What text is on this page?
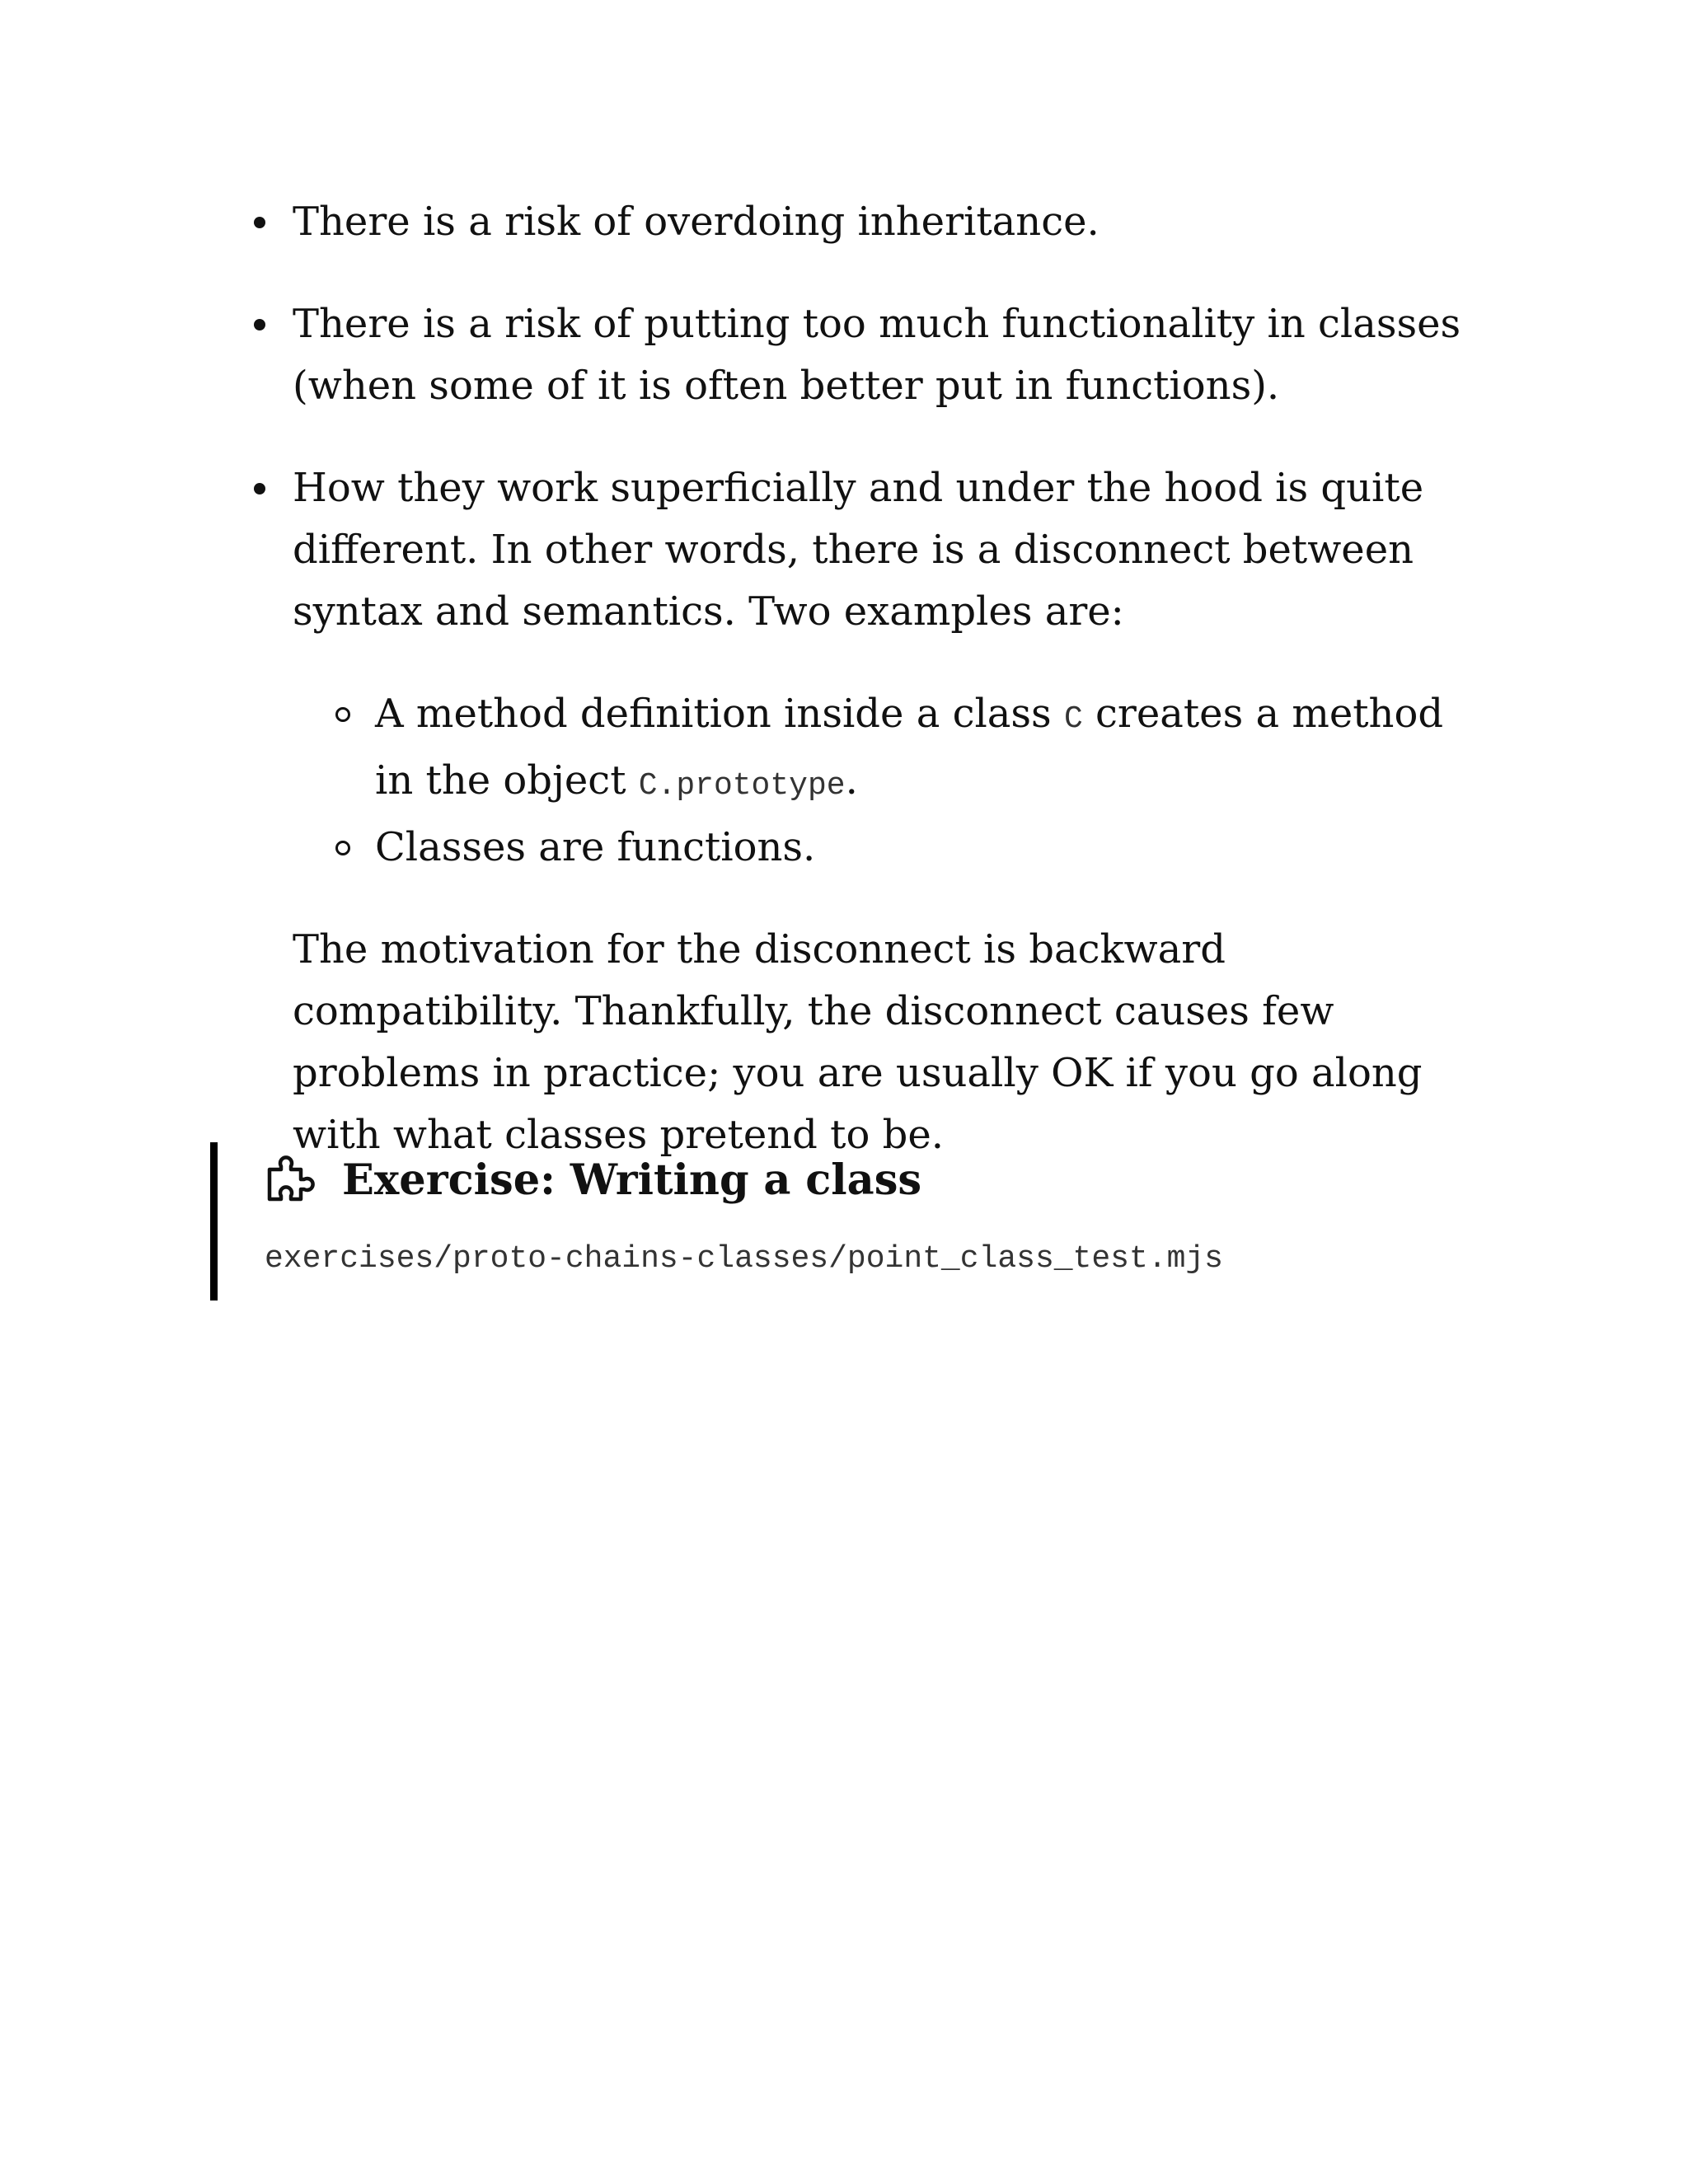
There is a risk of overdoing inheritance.
There is a risk of putting too much functionality in classes (when some of it is often better put in functions).
How they work superficially and under the hood is quite different. In other words, there is a disconnect between syntax and semantics. Two examples are:
A method definition inside a class C creates a method in the object C.prototype.
Classes are functions.

The motivation for the disconnect is backward compatibility. Thankfully, the disconnect causes few problems in practice; you are usually OK if you go along with what classes pretend to be.

Exercise: Writing a class
exercises/proto-chains-classes/point_class_test.mjs
